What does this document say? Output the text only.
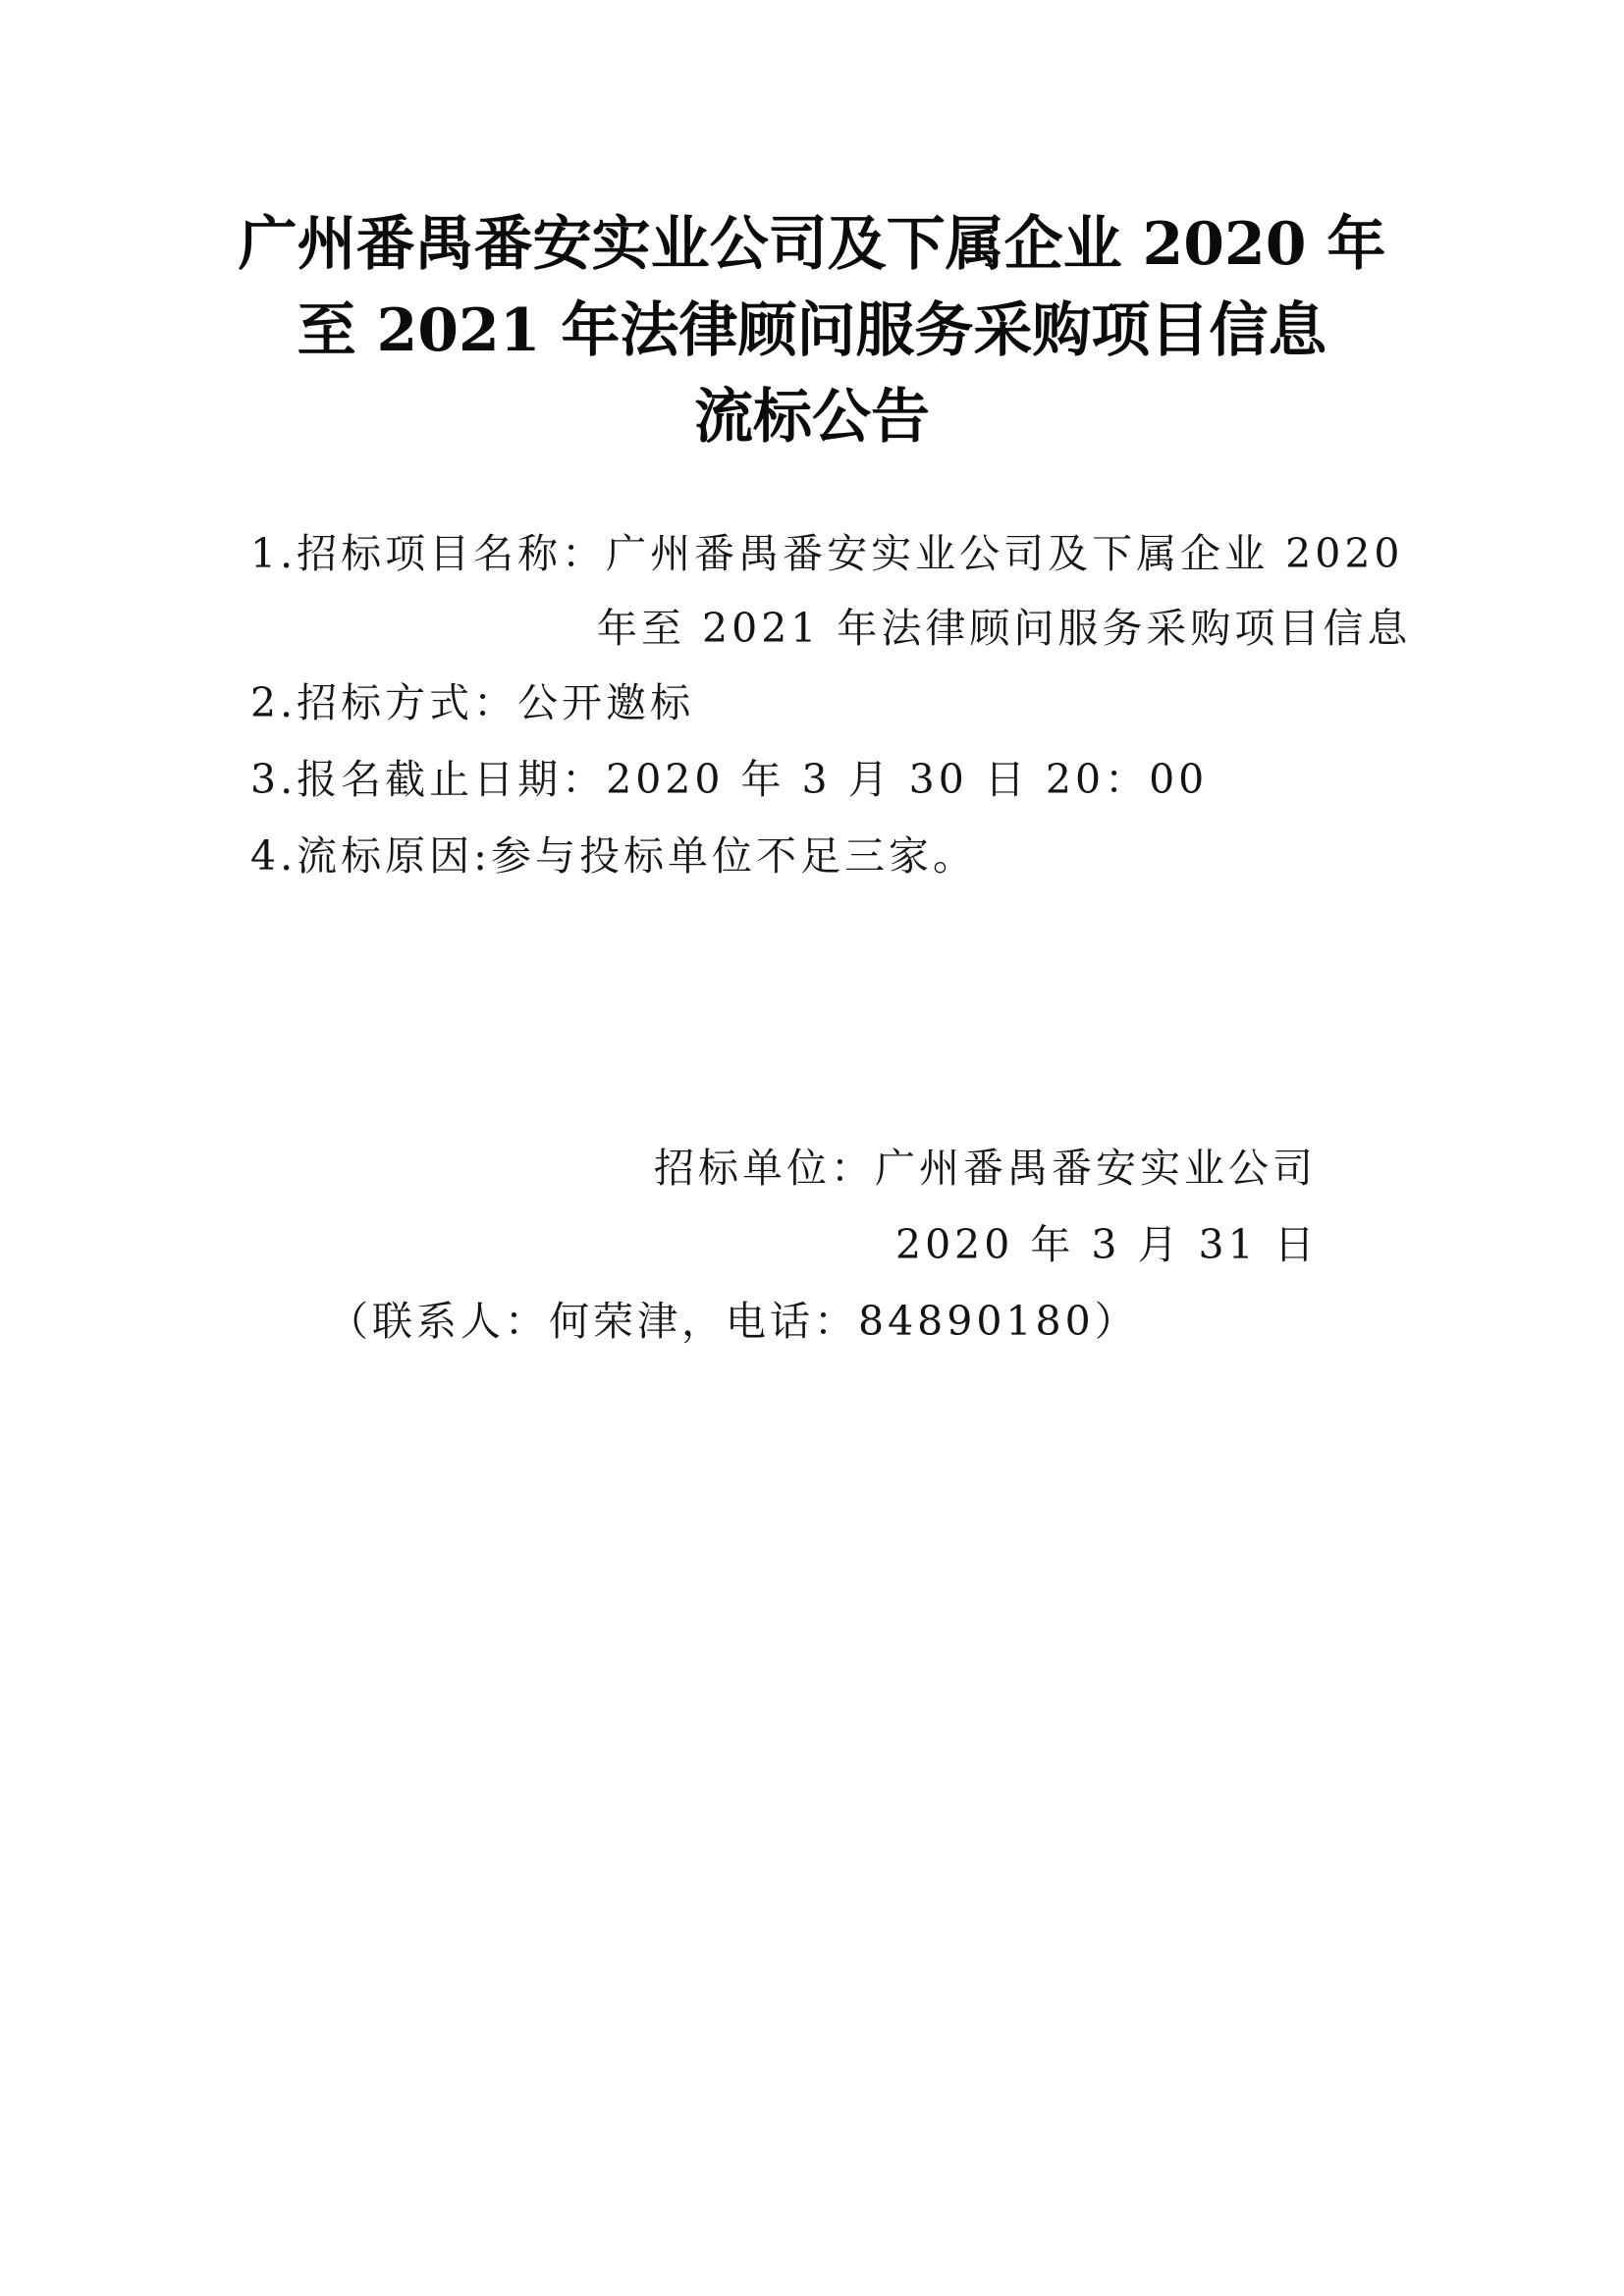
广州番禺番安实业公司及下属企业 2020 年
至 2021 年法律顾问服务采购项目信息
流标公告
1.招标项目名称：广州番禺番安实业公司及下属企业 2020
年至 2021 年法律顾问服务采购项目信息
2.招标方式：公开邀标
3.报名截止日期：2020 年 3 月 30 日 20：00
4.流标原因:参与投标单位不足三家。
招标单位：广州番禺番安实业公司
2020 年 3 月 31 日
（联系人：何荣津，电话：84890180）
